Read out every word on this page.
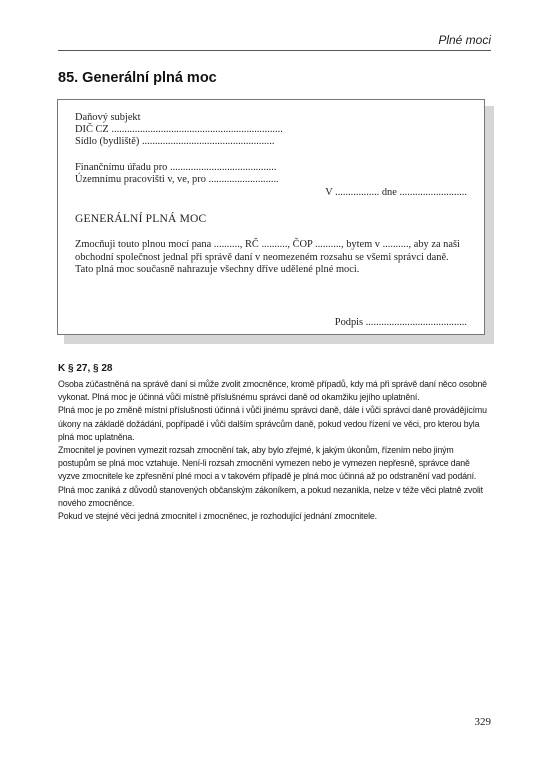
Plné moci
85. Generální plná moc
Daňový subjekt
DIČ CZ ..................................................................
Sídlo (bydliště) ...................................................
Finančnímu úřadu pro .........................................
Územnímu pracovišti v, ve, pro ...........................
V ................. dne ..........................
GENERÁLNÍ PLNÁ MOC

Zmocňuji touto plnou mocí pana .........., RČ .........., ČOP .........., bytem v .........., aby za naši obchodní společnost jednal při správě daní v neomezeném rozsahu se všemi správci daně.

Tato plná moc současně nahrazuje všechny dříve udělené plné moci.

Podpis .......................................
K § 27, § 28

Osoba zúčastněná na správě daní si může zvolit zmocněnce, kromě případů, kdy má při správě daní něco osobně vykonat. Plná moc je účinná vůči místně příslušnému správci daně od okamžiku jejího uplatnění.

Plná moc je po změně místní příslušnosti účinná i vůči jinému správci daně, dále i vůči správci daně provádějícímu úkony na základě dožádání, popřípadě i vůči dalším správcům daně, pokud vedou řízení ve věci, pro kterou byla plná moc uplatněna.

Zmocnitel je povinen vymezit rozsah zmocnění tak, aby bylo zřejmé, k jakým úkonům, řízením nebo jiným postupům se plná moc vztahuje. Není-li rozsah zmocnění vymezen nebo je vymezen nepřesně, správce daně vyzve zmocnitele ke zpřesnění plné moci a v takovém případě je plná moc účinná až po odstranění vad podání.

Plná moc zaniká z důvodů stanovených občanským zákoníkem, a pokud nezanikla, nelze v téže věci platně zvolit nového zmocněnce.

Pokud ve stejné věci jedná zmocnitel i zmocněnec, je rozhodující jednání zmocnitele.

329
